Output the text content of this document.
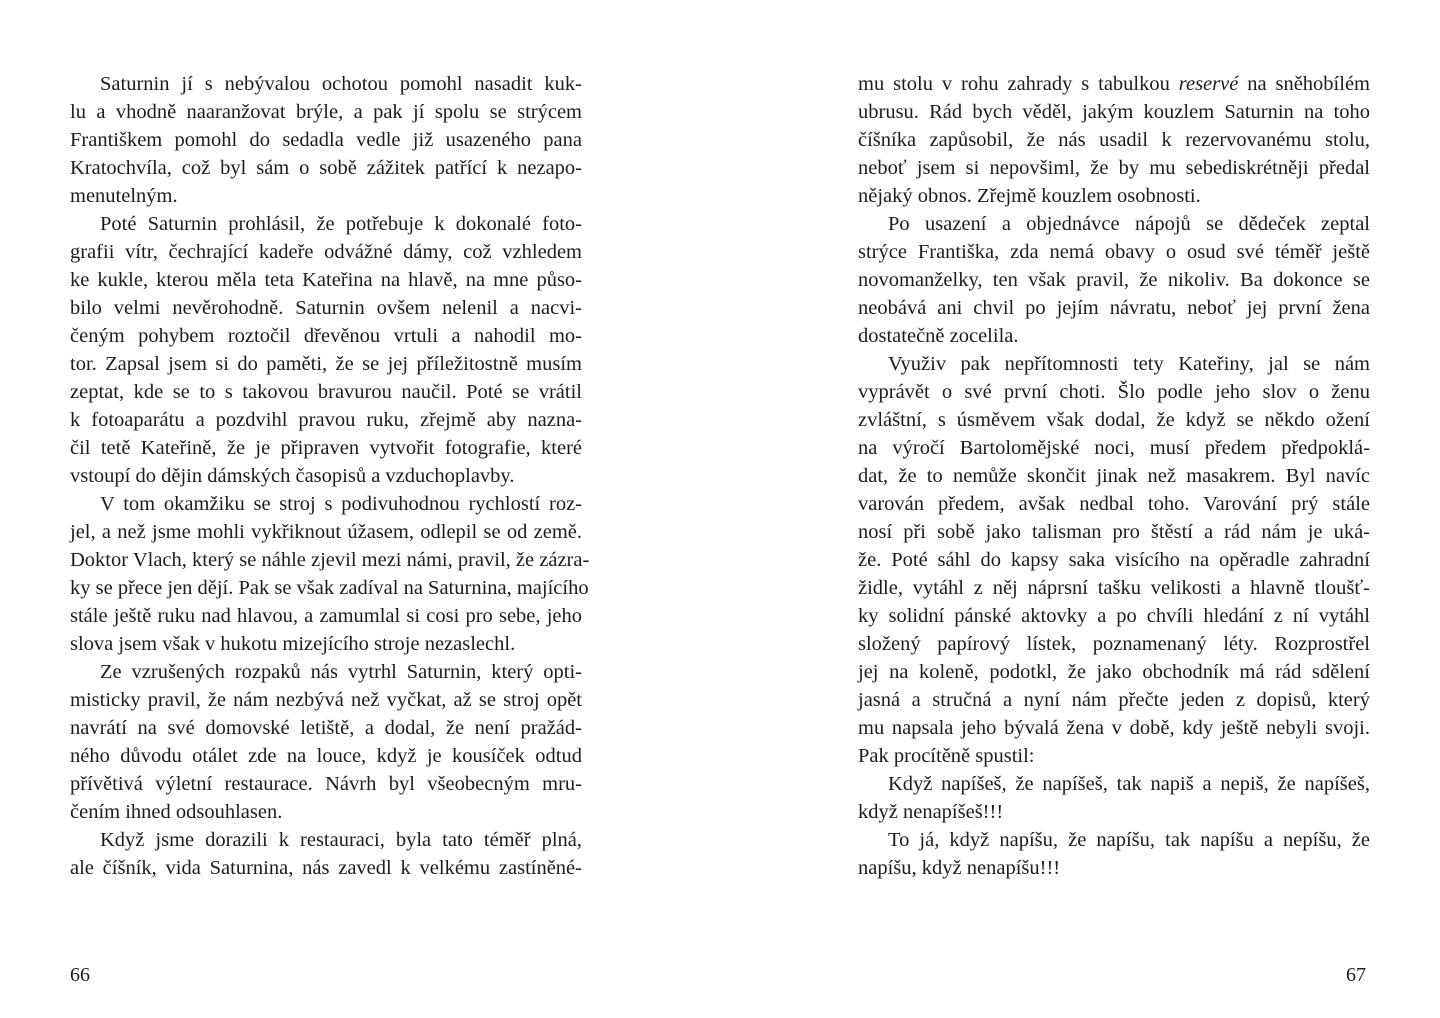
Saturnin jí s nebývalou ochotou pomohl nasadit kuk-
lu a vhodně naaranžovat brýle, a pak jí spolu se strýcem
Františkem pomohl do sedadla vedle již usazeného pana
Kratochvíla, což byl sám o sobě zážitek patřící k nezapo-
menutelným.
Poté Saturnin prohlásil, že potřebuje k dokonalé foto-
grafii vítr, čechrající kadeře odvážné dámy, což vzhledem
ke kukle, kterou měla teta Kateřina na hlavě, na mne půso-
bilo velmi nevěrohodně. Saturnin ovšem nelenil a nacvi-
čeným pohybem roztočil dřevěnou vrtuli a nahodil mo-
tor. Zapsal jsem si do paměti, že se jej příležitostně musím
zeptat, kde se to s takovou bravurou naučil. Poté se vrátil
k fotoaparátu a pozdvihl pravou ruku, zřejmě aby nazna-
čil tetě Kateřině, že je připraven vytvořit fotografie, které
vstoupí do dějin dámských časopisů a vzduchoplavby.
V tom okamžiku se stroj s podivuhodnou rychlostí roz-
jel, a než jsme mohli vykřiknout úžasem, odlepil se od země.
Doktor Vlach, který se náhle zjevil mezi námi, pravil, že zázra-
ky se přece jen dějí. Pak se však zadíval na Saturnina, majícího
stále ještě ruku nad hlavou, a zamumlal si cosi pro sebe, jeho
slova jsem však v hukotu mizejícího stroje nezaslechl.
Ze vzrušených rozpaků nás vytrhl Saturnin, který opti-
misticky pravil, že nám nezbývá než vyčkat, až se stroj opět
navrátí na své domovské letiště, a dodal, že není pražád-
ného důvodu otálet zde na louce, když je kousíček odtud
přívětivá výletní restaurace. Návrh byl všeobecným mru-
čením ihned odsouhlasen.
Když jsme dorazili k restauraci, byla tato téměř plná,
ale číšník, vida Saturnina, nás zavedl k velkému zastíněné-
66
mu stolu v rohu zahrady s tabulkou reservé na sněhobílém
ubrusu. Rád bych věděl, jakým kouzlem Saturnin na toho
číšníka zapůsobil, že nás usadil k rezervovanému stolu,
neboť jsem si nepovšiml, že by mu sebediskrétněji předal
nějaký obnos. Zřejmě kouzlem osobnosti.
Po usazení a objednávce nápojů se dědeček zeptal
strýce Františka, zda nemá obavy o osud své téměř ještě
novomanželky, ten však pravil, že nikoliv. Ba dokonce se
neobává ani chvil po jejím návratu, neboť jej první žena
dostatečně zocelila.
Využiv pak nepřítomnosti tety Kateřiny, jal se nám
vyprávět o své první choti. Šlo podle jeho slov o ženu
zvláštní, s úsměvem však dodal, že když se někdo ožení
na výročí Bartolomějské noci, musí předem předpoklá-
dat, že to nemůže skončit jinak než masakrem. Byl navíc
varován předem, avšak nedbal toho. Varování prý stále
nosí při sobě jako talisman pro štěstí a rád nám je uká-
že. Poté sáhl do kapsy saka visícího na opěradle zahradní
židle, vytáhl z něj náprsní tašku velikosti a hlavně tloušť-
ky solidní pánské aktovky a po chvíli hledání z ní vytáhl
složený papírový lístek, poznamenaný léty. Rozprostřel
jej na koleně, podotkl, že jako obchodník má rád sdělení
jasná a stručná a nyní nám přečte jeden z dopisů, který
mu napsala jeho bývalá žena v době, kdy ještě nebyli svoji.
Pak procítěně spustil:
Když napíšeš, že napíšeš, tak napiš a nepiš, že napíšeš,
když nenapíšeš!!!
To já, když napíšu, že napíšu, tak napíšu a nepíšu, že
napíšu, když nenapíšu!!!
67
